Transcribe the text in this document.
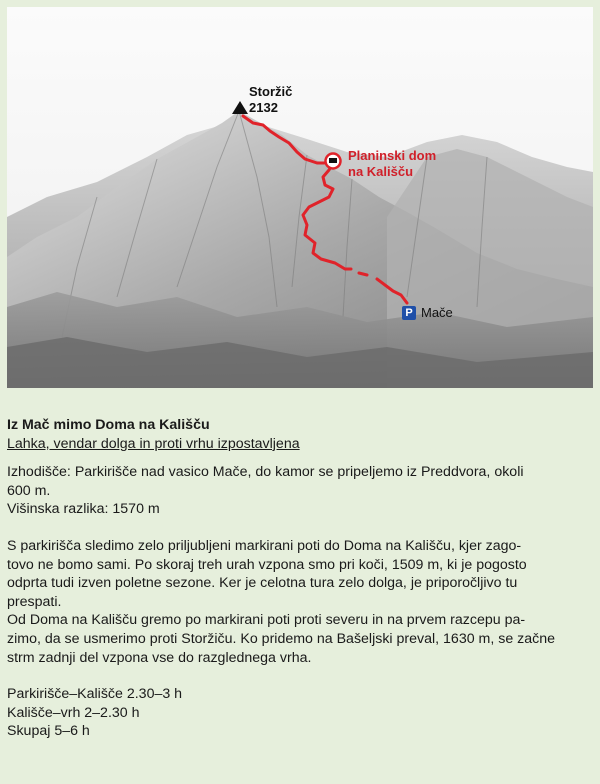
Storžič
2132
Planinski dom
na Kališču
P Mače

Iz Mač mimo Doma na Kališču

Lahka, vendar dolga in proti vrhu izpostavljena

Izhodišče: Parkirišče nad vasico Mače, do kamor se pripeljemo iz Preddvora, okoli

600 m.

Višinska razlika: 1570 m

S parkirišča sledimo zelo priljubljeni markirani poti do Doma na Kališču, kjer zago-

tovo ne bomo sami. Po skoraj treh urah vzpona smo pri koči, 1509 m, ki je pogosto

odprta tudi izven poletne sezone. Ker je celotna tura zelo dolga, je priporočljivo tu

prespati.

Od Doma na Kališču gremo po markirani poti proti severu in na prvem razcepu pa-

zimo, da se usmerimo proti Storžiču. Ko pridemo na Bašeljski preval, 1630 m, se začne

strm zadnji del vzpona vse do razglednega vrha.

Parkirišče–Kališče 2.30–3 h

Kališče–vrh 2–2.30 h

Skupaj 5–6 h
